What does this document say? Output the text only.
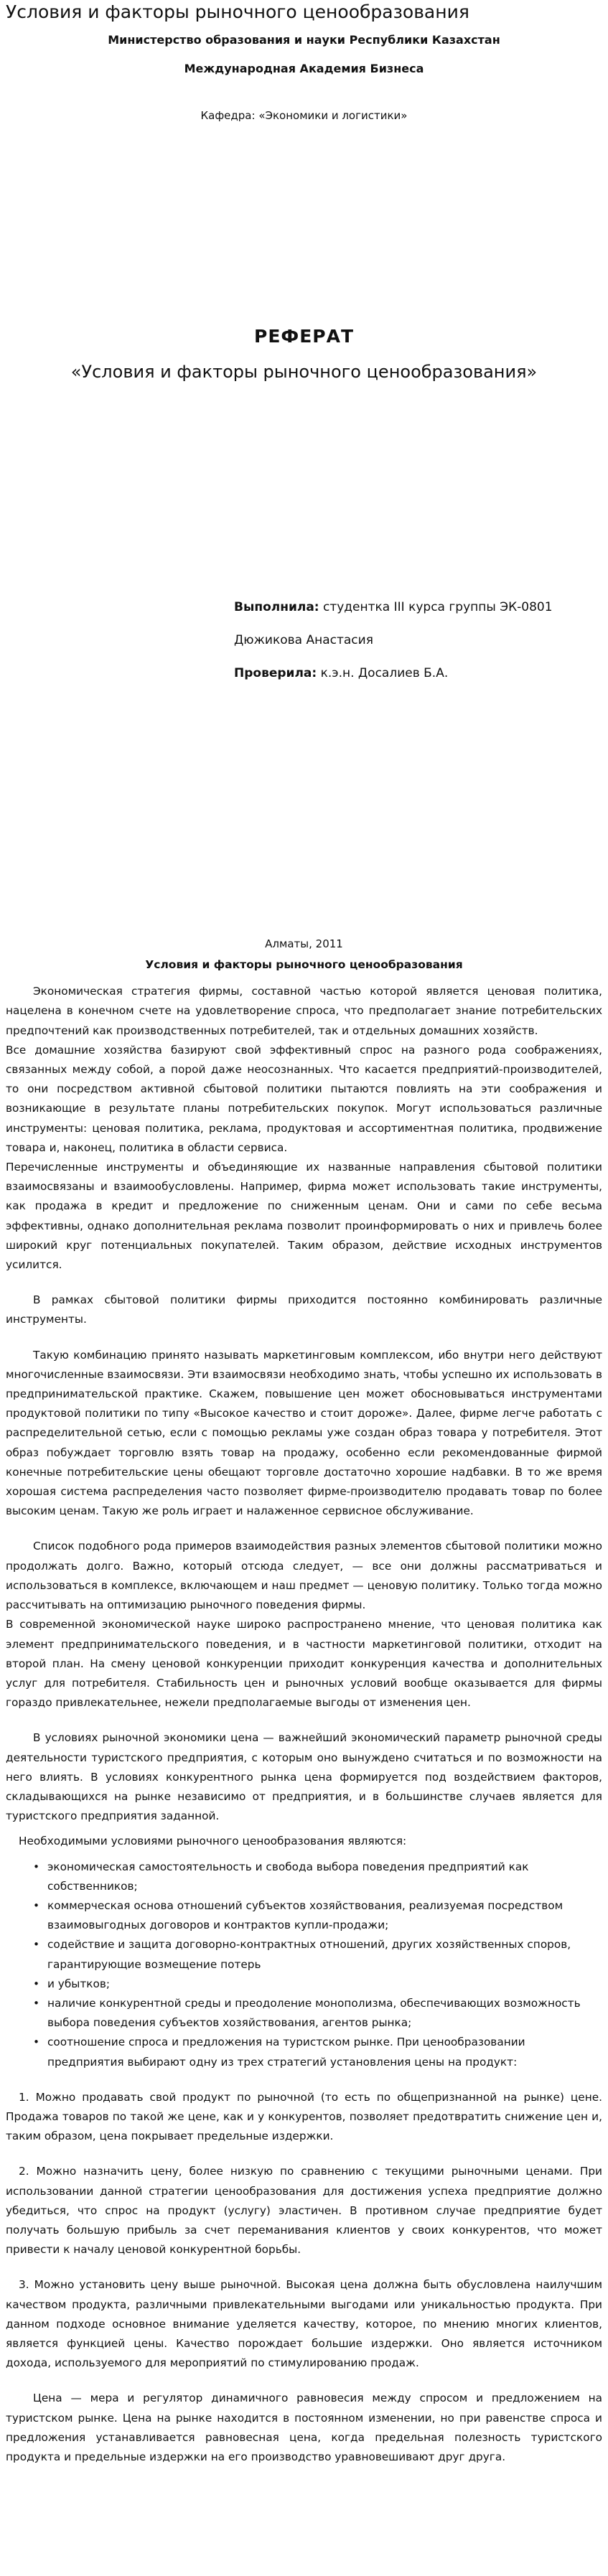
Условия и факторы рыночного ценообразования
Министерство образования и науки Республики Казахстан
Международная Академия Бизнеса
Кафедра: «Экономики и логистики»
РЕФЕРАТ
«Условия и факторы рыночного ценообразования»
Выполнила: студентка III курса группы ЭК-0801
Дюжикова Анастасия
Проверила: к.э.н. Досалиев Б.А.
Алматы, 2011

Условия и факторы рыночного ценообразования

Экономическая стратегия фирмы, составной частью которой является ценовая политика, нацелена в конечном счете на удовлетворение спроса, что предполагает знание потребительских предпочтений как производственных потребителей, так и отдельных домашних хозяйств.

Все домашние хозяйства базируют свой эффективный спрос на разного рода соображениях, связанных между собой, а порой даже неосознанных. Что касается предприятий-производителей, то они посредством активной сбытовой политики пытаются повлиять на эти соображения и возникающие в результате планы потребительских покупок. Могут использоваться различные инструменты: ценовая политика, реклама, продуктовая и ассортиментная политика, продвижение товара и, наконец, политика в области сервиса.

Перечисленные инструменты и объединяющие их названные направления сбытовой политики взаимосвязаны и взаимообусловлены. Например, фирма может использовать такие инструменты, как продажа в кредит и предложение по сниженным ценам. Они и сами по себе весьма эффективны, однако дополнительная реклама позволит проинформировать о них и привлечь более широкий круг потенциальных покупателей. Таким образом, действие исходных инструментов усилится.

В рамках сбытовой политики фирмы приходится постоянно комбинировать различные инструменты.

Такую комбинацию принято называть маркетинговым комплексом, ибо внутри него действуют многочисленные взаимосвязи. Эти взаимосвязи необходимо знать, чтобы успешно их использовать в предпринимательской практике. Скажем, повышение цен может обосновываться инструментами продуктовой политики по типу «Высокое качество и стоит дороже». Далее, фирме легче работать с распределительной сетью, если с помощью рекламы уже создан образ товара у потребителя. Этот образ побуждает торговлю взять товар на продажу, особенно если рекомендованные фирмой конечные потребительские цены обещают торговле достаточно хорошие надбавки. В то же время хорошая система распределения часто позволяет фирме-производителю продавать товар по более высоким ценам. Такую же роль играет и налаженное сервисное обслуживание.

Список подобного рода примеров взаимодействия разных элементов сбытовой политики можно продолжать долго. Важно, который отсюда следует, — все они должны рассматриваться и использоваться в комплексе, включающем и наш предмет — ценовую политику. Только тогда можно рассчитывать на оптимизацию рыночного поведения фирмы.

В современной экономической науке широко распространено мнение, что ценовая политика как элемент предпринимательского поведения, и в частности маркетинговой политики, отходит на второй план. На смену ценовой конкуренции приходит конкуренция качества и дополнительных услуг для потребителя. Стабильность цен и рыночных условий вообще оказывается для фирмы гораздо привлекательнее, нежели предполагаемые выгоды от изменения цен.

В условиях рыночной экономики цена — важнейший экономический параметр рыночной среды деятельности туристского предприятия, с которым оно вынуждено считаться и по возможности на него влиять. В условиях конкурентного рынка цена формируется под воздействием факторов, складывающихся на рынке независимо от предприятия, и в большинстве случаев является для туристского предприятия заданной.

Необходимыми условиями рыночного ценообразования являются:

• экономическая самостоятельность и свобода выбора поведения предприятий как собственников;
• коммерческая основа отношений субъектов хозяйствования, реализуемая посредством взаимовыгодных договоров и контрактов купли-продажи;
• содействие и защита договорно-контрактных отношений, других хозяйственных споров, гарантирующие возмещение потерь
• и убытков;
• наличие конкурентной среды и преодоление монополизма, обеспечивающих возможность выбора поведения субъектов хозяйствования, агентов рынка;
• соотношение спроса и предложения на туристском рынке. При ценообразовании предприятия выбирают одну из трех стратегий установления цены на продукт:

1. Можно продавать свой продукт по рыночной (то есть по общепризнанной на рынке) цене. Продажа товаров по такой же цене, как и у конкурентов, позволяет предотвратить снижение цен и, таким образом, цена покрывает предельные издержки.

2. Можно назначить цену, более низкую по сравнению с текущими рыночными ценами. При использовании данной стратегии ценообразования для достижения успеха предприятие должно убедиться, что спрос на продукт (услугу) эластичен. В противном случае предприятие будет получать большую прибыль за счет переманивания клиентов у своих конкурентов, что может привести к началу ценовой конкурентной борьбы.

3. Можно установить цену выше рыночной. Высокая цена должна быть обусловлена наилучшим качеством продукта, различными привлекательными выгодами или уникальностью продукта. При данном подходе основное внимание уделяется качеству, которое, по мнению многих клиентов, является функцией цены. Качество порождает большие издержки. Оно является источником дохода, используемого для мероприятий по стимулированию продаж.

Цена — мера и регулятор динамичного равновесия между спросом и предложением на туристском рынке. Цена на рынке находится в постоянном изменении, но при равенстве спроса и предложения устанавливается равновесная цена, когда предельная полезность туристского продукта и предельные издержки на его производство уравновешивают друг друга.
